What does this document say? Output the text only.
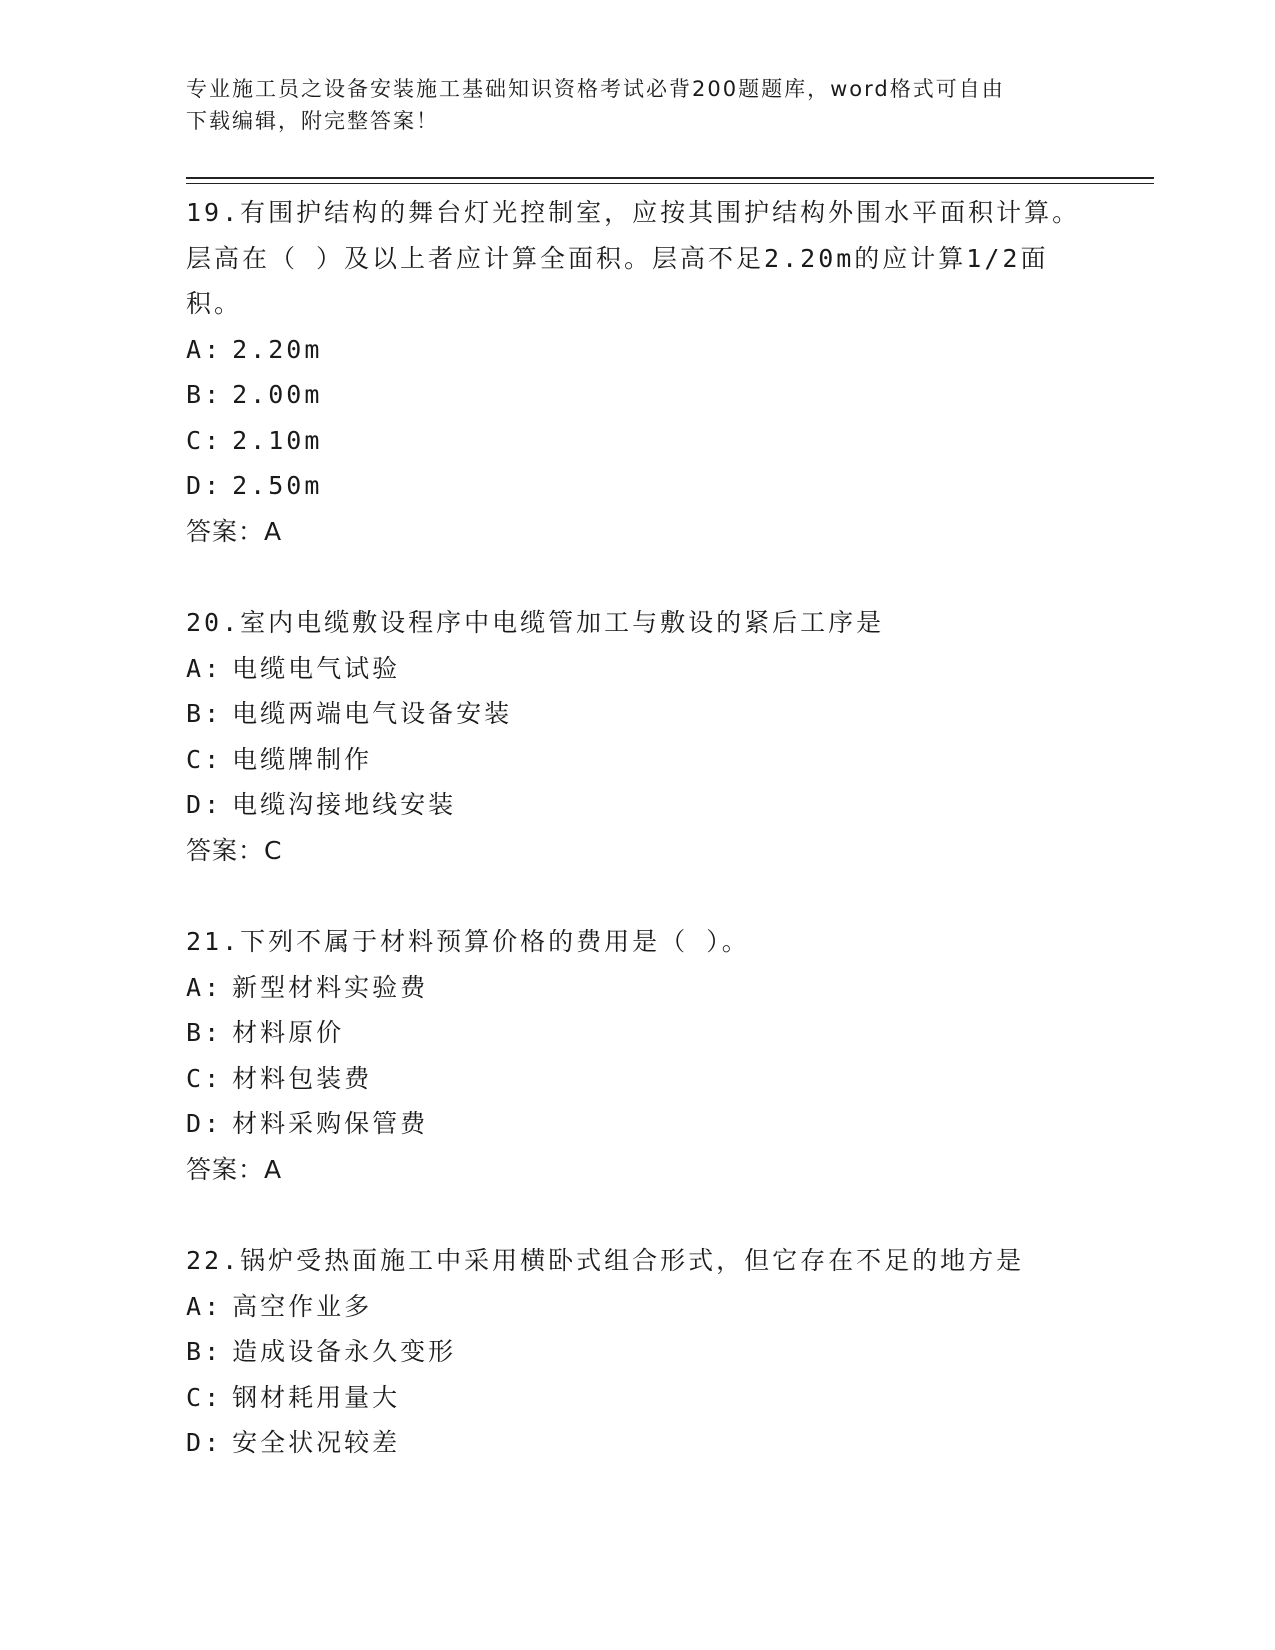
专业施工员之设备安装施工基础知识资格考试必背200题题库，word格式可自由
下载编辑，附完整答案！

19.有围护结构的舞台灯光控制室，应按其围护结构外围水平面积计算。层高在（ ）及以上者应计算全面积。层高不足2.20m的应计算1/2面积。

A: 2.20m
B: 2.00m
C: 2.10m
D: 2.50m
答案：A

20.室内电缆敷设程序中电缆管加工与敷设的紧后工序是

A: 电缆电气试验
B: 电缆两端电气设备安装
C: 电缆牌制作
D: 电缆沟接地线安装
答案：C

21.下列不属于材料预算价格的费用是（ ）。

A: 新型材料实验费
B: 材料原价
C: 材料包装费
D: 材料采购保管费
答案：A

22.锅炉受热面施工中采用横卧式组合形式，但它存在不足的地方是

A: 高空作业多
B: 造成设备永久变形
C: 钢材耗用量大
D: 安全状况较差
